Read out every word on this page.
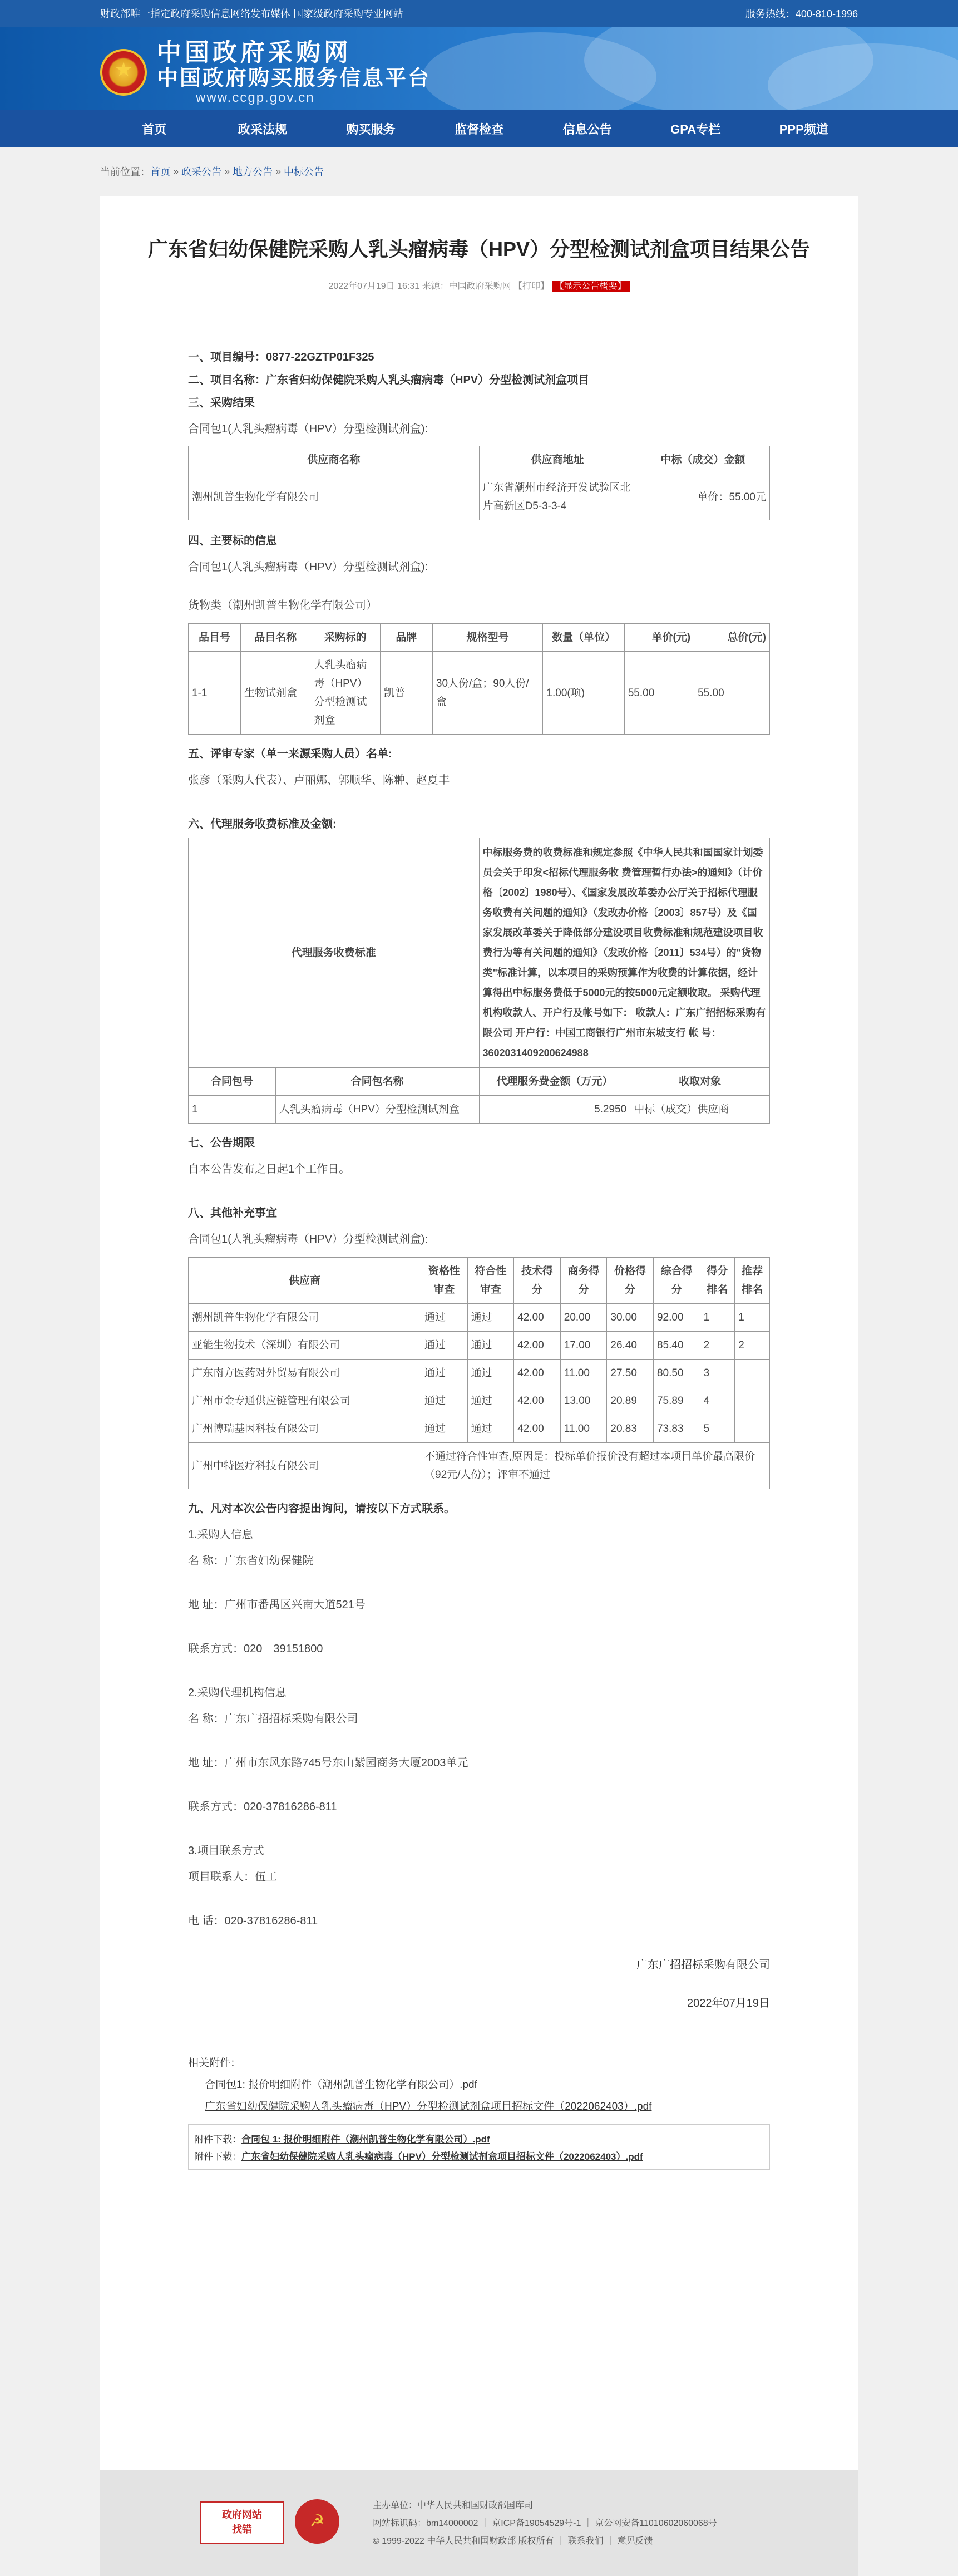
财政部唯一指定政府采购信息网络发布媒体 国家级政府采购专业网站	服务热线：400-810-1996
★
中国政府采购网
中国政府购买服务信息平台
www.ccgp.gov.cn
首页	政采法规	购买服务	监督检查	信息公告	GPA专栏	PPP频道
当前位置： 首页 » 政采公告 » 地方公告 » 中标公告
广东省妇幼保健院采购人乳头瘤病毒（HPV）分型检测试剂盒项目结果公告
2022年07月19日 16:31 来源：中国政府采购网 【打印】 【显示公告概要】
一、项目编号：0877-22GZTP01F325
二、项目名称：广东省妇幼保健院采购人乳头瘤病毒（HPV）分型检测试剂盒项目
三、采购结果
合同包1(人乳头瘤病毒（HPV）分型检测试剂盒):
供应商名称	供应商地址	中标（成交）金额
潮州凯普生物化学有限公司	广东省潮州市经济开发试验区北片高新区D5-3-3-4	单价：55.00元
四、主要标的信息
合同包1(人乳头瘤病毒（HPV）分型检测试剂盒):
货物类（潮州凯普生物化学有限公司）
品目号	品目名称	采购标的	品牌	规格型号	数量（单位）	单价(元)	总价(元)
1-1	生物试剂盒	人乳头瘤病毒（HPV）分型检测试剂盒	凯普	30人份/盒；90人份/盒	1.00(项)	55.00	55.00
五、评审专家（单一来源采购人员）名单:
张彦（采购人代表）、卢丽娜、郭顺华、陈翀、赵夏丰
六、代理服务收费标准及金额:
代理服务收费标准		中标服务费的收费标准和规定参照《中华人民共和国国家计划委员会关于印发<招标代理服务收 费管理暂行办法>的通知》（计价格〔2002〕1980号）、《国家发展改革委办公厅关于招标代理服务收费有关问题的通知》（发改办价格〔2003〕857号）及《国家发展改革委关于降低部分建设项目收费标准和规范建设项目收费行为等有关问题的通知》（发改价格〔2011〕534号）的"货物类"标准计算，以本项目的采购预算作为收费的计算依据，经计算得出中标服务费低于5000元的按5000元定额收取。 采购代理机构收款人、开户行及帐号如下： 收款人：广东广招招标采购有限公司 开户行：中国工商银行广州市东城支行 帐 号：3602031409200624988	
合同包号	合同包名称	代理服务费金额（万元）	收取对象
1	人乳头瘤病毒（HPV）分型检测试剂盒	5.2950	中标（成交）供应商
七、公告期限
自本公告发布之日起1个工作日。
八、其他补充事宜
合同包1(人乳头瘤病毒（HPV）分型检测试剂盒):
供应商	资格性审查	符合性审查	技术得分	商务得分	价格得分	综合得分	得分排名	推荐排名
潮州凯普生物化学有限公司	通过	通过	42.00	20.00	30.00	92.00	1	1
亚能生物技术（深圳）有限公司	通过	通过	42.00	17.00	26.40	85.40	2	2
广东南方医药对外贸易有限公司	通过	通过	42.00	11.00	27.50	80.50	3	
广州市金专通供应链管理有限公司	通过	通过	42.00	13.00	20.89	75.89	4	
广州博瑞基因科技有限公司	通过	通过	42.00	11.00	20.83	73.83	5	
广州中特医疗科技有限公司	不通过符合性审查,原因是：投标单价报价没有超过本项目单价最高限价（92元/人份）；评审不通过							
九、凡对本次公告内容提出询问，请按以下方式联系。
1.采购人信息
名 称：广东省妇幼保健院
地 址：广州市番禺区兴南大道521号
联系方式：020－39151800
2.采购代理机构信息
名 称：广东广招招标采购有限公司
地 址：广州市东风东路745号东山紫园商务大厦2003单元
联系方式：020-37816286-811
3.项目联系方式
项目联系人：伍工
电 话：020-37816286-811
广东广招招标采购有限公司
2022年07月19日
相关附件：
合同包1: 报价明细附件（潮州凯普生物化学有限公司）.pdf
广东省妇幼保健院采购人乳头瘤病毒（HPV）分型检测试剂盒项目招标文件（2022062403）.pdf
附件下载：合同包 1: 报价明细附件（潮州凯普生物化学有限公司）.pdf
附件下载：广东省妇幼保健院采购人乳头瘤病毒（HPV）分型检测试剂盒项目招标文件（2022062403）.pdf
政府网站
找错	☭
主办单位：中华人民共和国财政部国库司
网站标识码：bm14000002 ｜ 京ICP备19054529号-1 ｜ 京公网安备11010602060068号
© 1999-2022 中华人民共和国财政部 版权所有 ｜ 联系我们 ｜ 意见反馈
